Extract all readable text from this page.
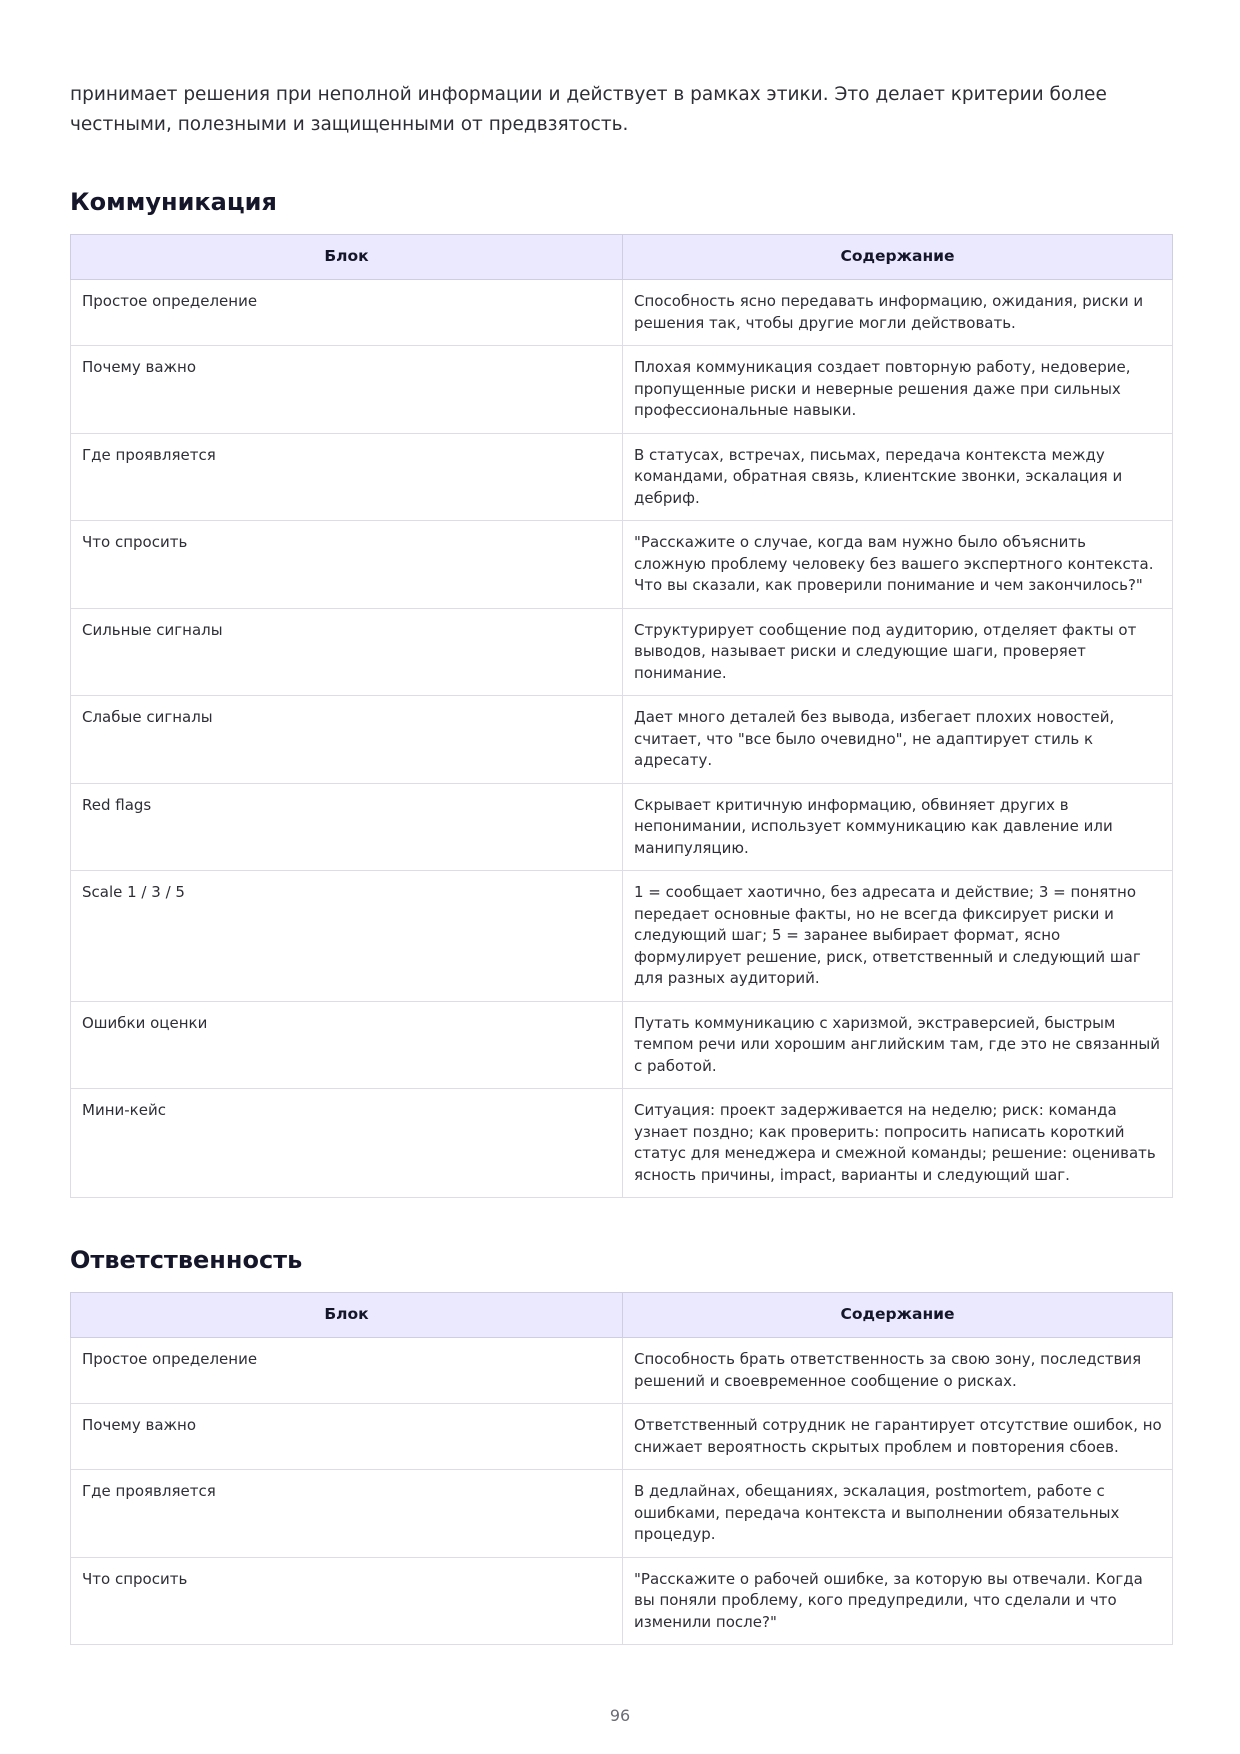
принимает решения при неполной информации и действует в рамках этики. Это делает критерии более честными, полезными и защищенными от предвзятость.

Коммуникация
Блок	Содержание
Простое определение	Способность ясно передавать информацию, ожидания, риски и решения так, чтобы другие могли действовать.
Почему важно	Плохая коммуникация создает повторную работу, недоверие, пропущенные риски и неверные решения даже при сильных профессиональные навыки.
Где проявляется	В статусах, встречах, письмах, передача контекста между командами, обратная связь, клиентские звонки, эскалация и дебриф.
Что спросить	"Расскажите о случае, когда вам нужно было объяснить сложную проблему человеку без вашего экспертного контекста. Что вы сказали, как проверили понимание и чем закончилось?"
Сильные сигналы	Структурирует сообщение под аудиторию, отделяет факты от выводов, называет риски и следующие шаги, проверяет понимание.
Слабые сигналы	Дает много деталей без вывода, избегает плохих новостей, считает, что "все было очевидно", не адаптирует стиль к адресату.
Red flags	Скрывает критичную информацию, обвиняет других в непонимании, использует коммуникацию как давление или манипуляцию.
Scale 1 / 3 / 5	1 = сообщает хаотично, без адресата и действие; 3 = понятно передает основные факты, но не всегда фиксирует риски и следующий шаг; 5 = заранее выбирает формат, ясно формулирует решение, риск, ответственный и следующий шаг для разных аудиторий.
Ошибки оценки	Путать коммуникацию с харизмой, экстраверсией, быстрым темпом речи или хорошим английским там, где это не связанный с работой.
Мини-кейс	Ситуация: проект задерживается на неделю; риск: команда узнает поздно; как проверить: попросить написать короткий статус для менеджера и смежной команды; решение: оценивать ясность причины, impact, варианты и следующий шаг.
Ответственность
Блок	Содержание
Простое определение	Способность брать ответственность за свою зону, последствия решений и своевременное сообщение о рисках.
Почему важно	Ответственный сотрудник не гарантирует отсутствие ошибок, но снижает вероятность скрытых проблем и повторения сбоев.
Где проявляется	В дедлайнах, обещаниях, эскалация, postmortem, работе с ошибками, передача контекста и выполнении обязательных процедур.
Что спросить	"Расскажите о рабочей ошибке, за которую вы отвечали. Когда вы поняли проблему, кого предупредили, что сделали и что изменили после?"
96
